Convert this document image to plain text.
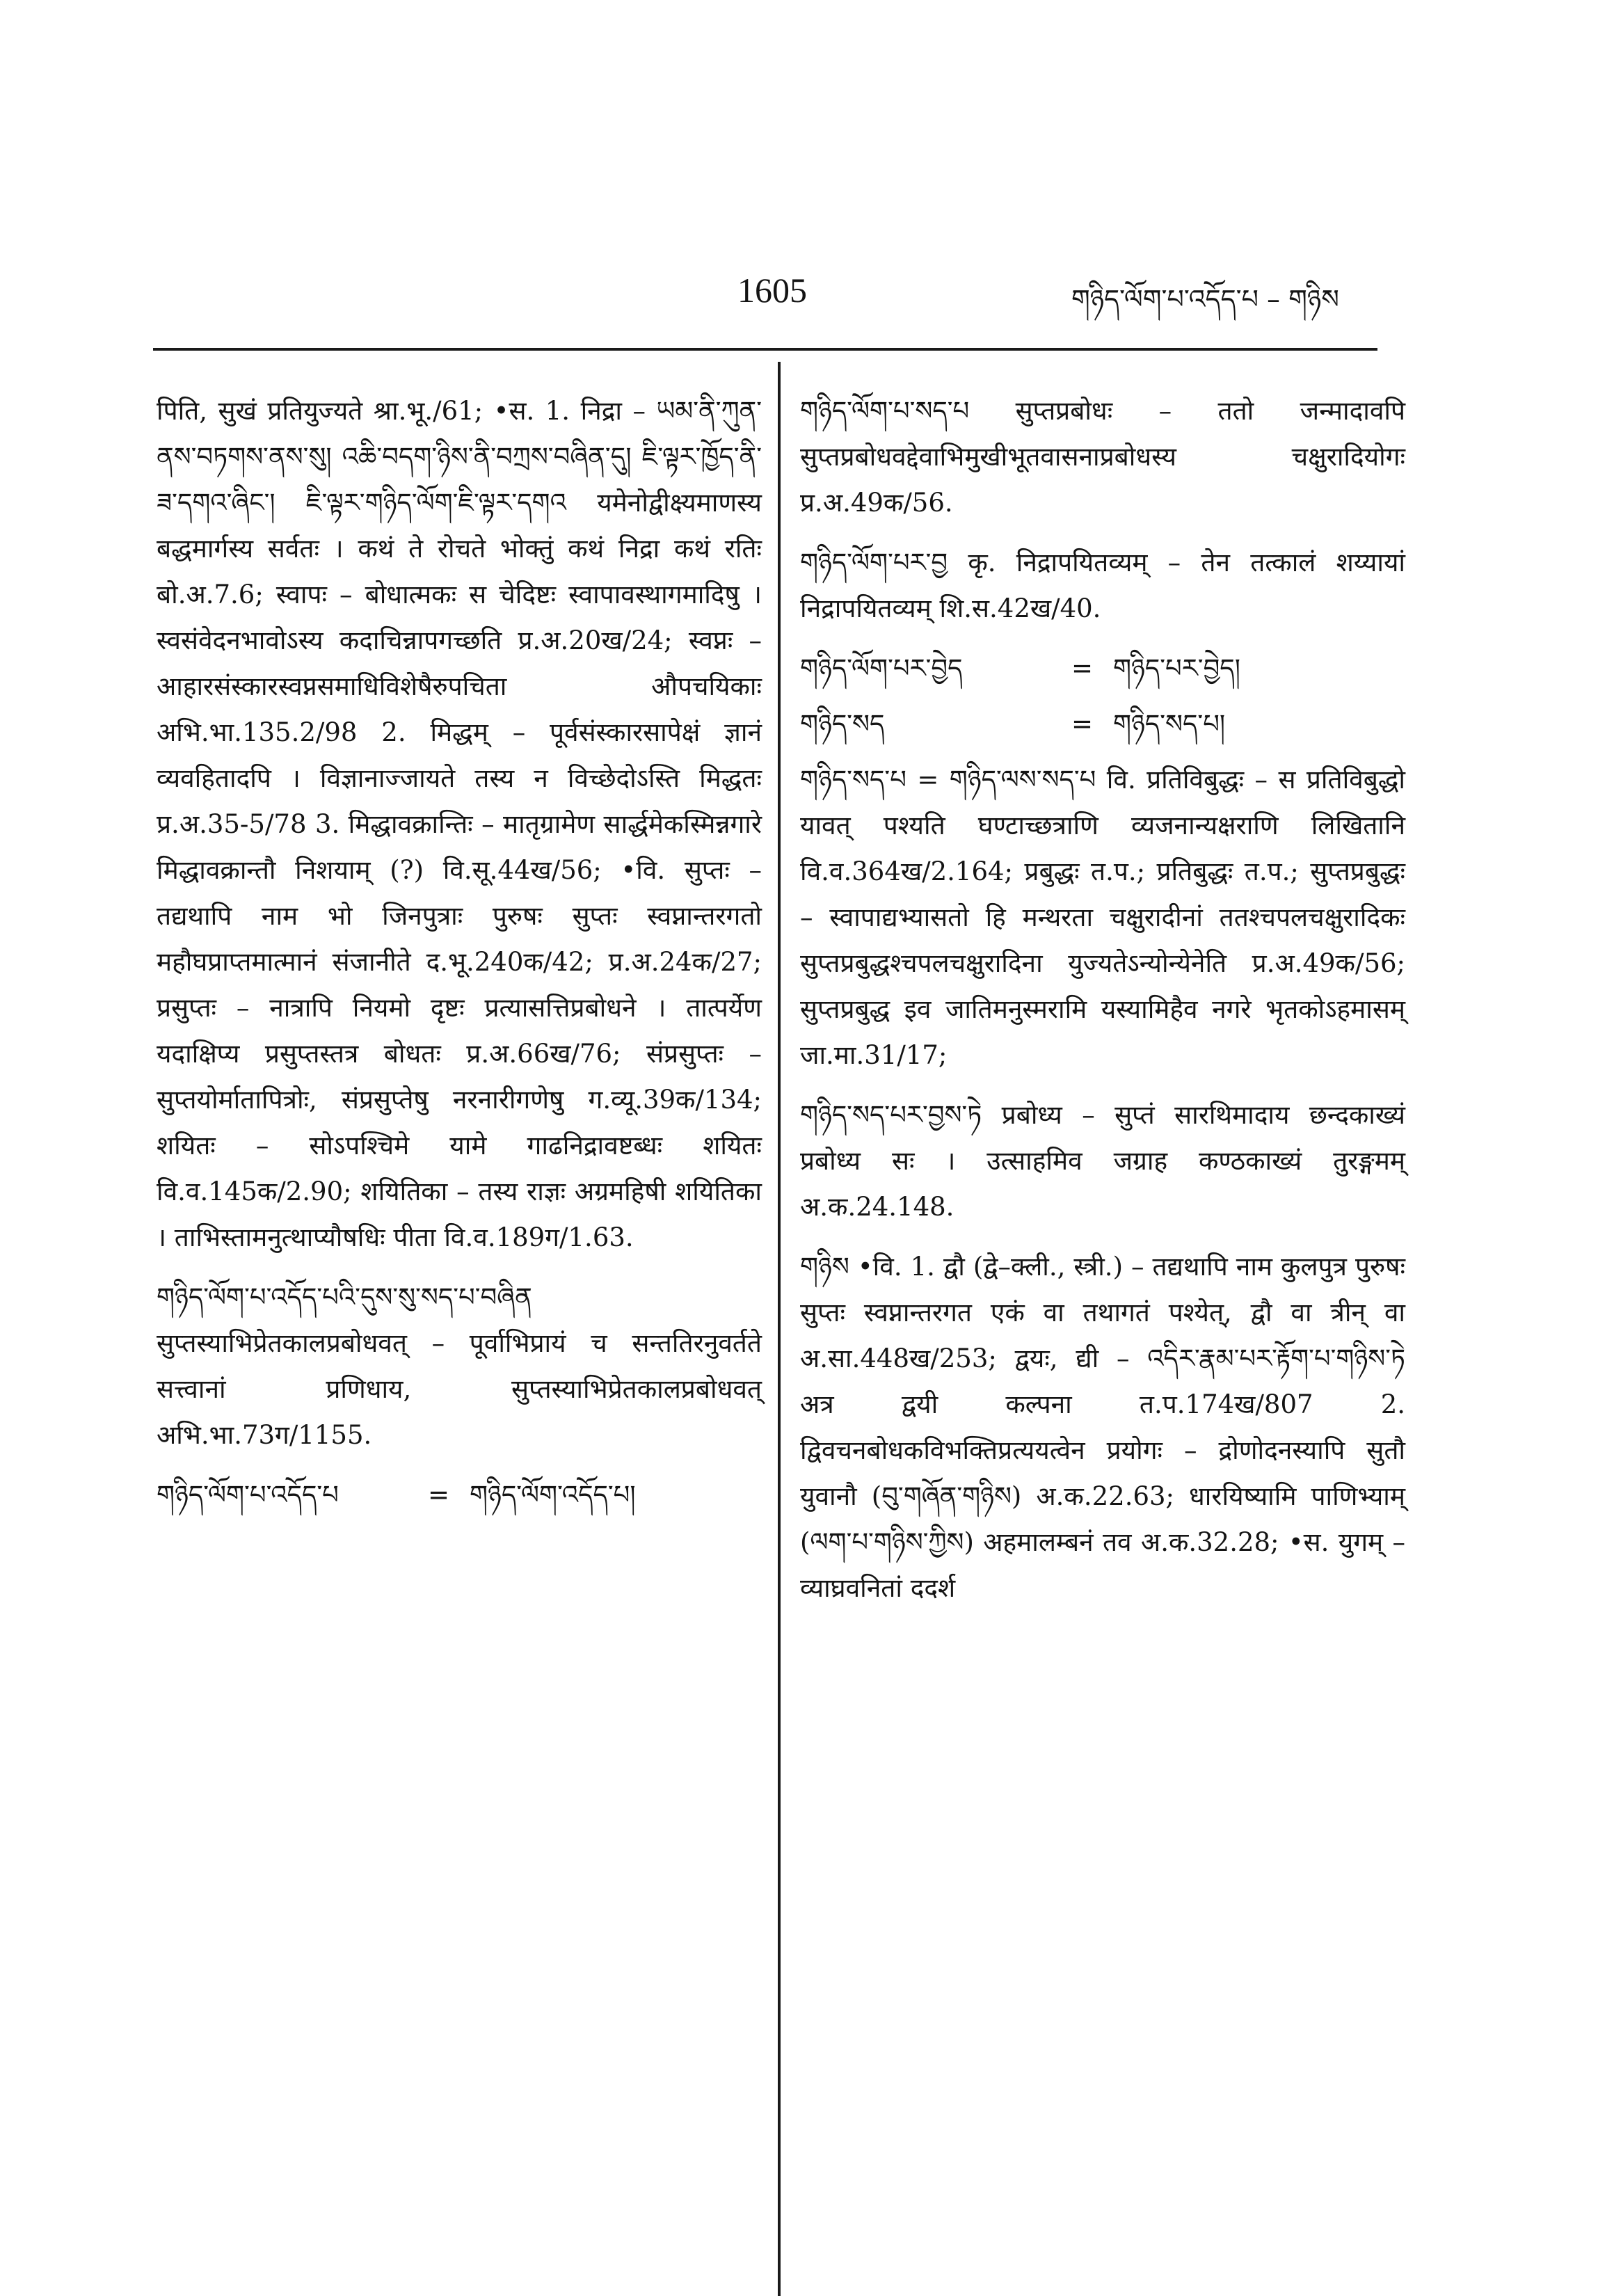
1605	གཉིད་ལོག་པ་འདོད་པ – གཉིས

पिति, सुखं प्रतियुज्यते श्रा.भू./61; •स. 1. निद्रा – ཡམ་ནི་ཀུན་ནས་བཏགས་ནས་སུ། འཆི་བདག་ཉིས་ནི་བཀྲས་བཞིན་དུ། ཇི་ལྟར་ཁྱོད་ནི་ཟ་དགའ་ཞིང་། ཇི་ལྟར་གཉིད་ལོག་ཇི་ལྟར་དགའ यमेनोद्वीक्ष्यमाणस्य बद्धमार्गस्य सर्वतः । कथं ते रोचते भोक्तुं कथं निद्रा कथं रतिः बो.अ.7.6; स्वापः – बोधात्मकः स चेदिष्टः स्वापावस्थागमादिषु । स्वसंवेदनभावोऽस्य कदाचिन्नापगच्छति प्र.अ.20ख/24; स्वप्नः – आहारसंस्कारस्वप्नसमाधिविशेषैरुपचिता औपचयिकाः अभि.भा.135.2/98 2. मिद्धम् – पूर्वसंस्कारसापेक्षं ज्ञानं व्यवहितादपि । विज्ञानाज्जायते तस्य न विच्छेदोऽस्ति मिद्धतः प्र.अ.35-5/78 3. मिद्धावक्रान्तिः – मातृग्रामेण सार्द्धमेकस्मिन्नगारे मिद्धावक्रान्तौ निशयाम् (?) वि.सू.44ख/56; •वि. सुप्तः – तद्यथापि नाम भो जिनपुत्राः पुरुषः सुप्तः स्वप्नान्तरगतो महौघप्राप्तमात्मानं संजानीते द.भू.240क/42; प्र.अ.24क/27; प्रसुप्तः – नात्रापि नियमो दृष्टः प्रत्यासत्तिप्रबोधने । तात्पर्येण यदाक्षिप्य प्रसुप्तस्तत्र बोधतः प्र.अ.66ख/76; संप्रसुप्तः – सुप्तयोर्मातापित्रोः, संप्रसुप्तेषु नरनारीगणेषु ग.व्यू.39क/134; शयितः – सोऽपश्चिमे यामे गाढनिद्रावष्टब्धः शयितः वि.व.145क/2.90; शयितिका – तस्य राज्ञः अग्रमहिषी शयितिका । ताभिस्तामनुत्थाप्यौषधिः पीता वि.व.189ग/1.63.

གཉིད་ལོག་པ་འདོད་པའི་དུས་སུ་སད་པ་བཞིན
सुप्तस्याभिप्रेतकालप्रबोधवत् – पूर्वाभिप्रायं च सन्ततिरनुवर्तते सत्त्वानां प्रणिधाय, सुप्तस्याभिप्रेतकालप्रबोधवत् अभि.भा.73ग/1155.

གཉིད་ལོག་པ་འདོད་པ	= གཉིད་ལོག་འདོད་པ།

གཉིད་ལོག་པ་སད་པ सुप्तप्रबोधः – ततो जन्मादावपि सुप्तप्रबोधवद्देवाभिमुखीभूतवासनाप्रबोधस्य चक्षुरादियोगः प्र.अ.49क/56.

གཉིད་ལོག་པར་བྱ कृ. निद्रापयितव्यम् – तेन तत्कालं शय्यायां निद्रापयितव्यम् शि.स.42ख/40.

གཉིད་ལོག་པར་བྱེད	= གཉིད་པར་བྱེད།
གཉིད་སད	= གཉིད་སད་པ།

གཉིད་སད་པ = གཉིད་ལས་སད་པ वि. प्रतिविबुद्धः – स प्रतिविबुद्धो यावत् पश्यति घण्टाच्छत्राणि व्यजनान्यक्षराणि लिखितानि वि.व.364ख/2.164; प्रबुद्धः त.प.; प्रतिबुद्धः त.प.; सुप्तप्रबुद्धः – स्वापाद्यभ्यासतो हि मन्थरता चक्षुरादीनां ततश्चपलचक्षुरादिकः सुप्तप्रबुद्धश्चपलचक्षुरादिना युज्यतेऽन्योन्येनेति प्र.अ.49क/56; सुप्तप्रबुद्ध इव जातिमनुस्मरामि यस्यामिहैव नगरे भृतकोऽहमासम् जा.मा.31/17;

གཉིད་སད་པར་བྱས་ཏེ प्रबोध्य – सुप्तं सारथिमादाय छन्दकाख्यं प्रबोध्य सः । उत्साहमिव जग्राह कण्ठकाख्यं तुरङ्गमम् अ.क.24.148.

གཉིས •वि. 1. द्वौ (द्वे–क्ली., स्त्री.) – तद्यथापि नाम कुलपुत्र पुरुषः सुप्तः स्वप्नान्तरगत एकं वा तथागतं पश्येत्, द्वौ वा त्रीन् वा अ.सा.448ख/253; द्वयः, द्यी – འདིར་རྣམ་པར་རྟོག་པ་གཉིས་ཏེ अत्र द्वयी कल्पना त.प.174ख/807 2. द्विवचनबोधकविभक्तिप्रत्ययत्वेन प्रयोगः – द्रोणोदनस्यापि सुतौ युवानौ (བུ་གཞོན་གཉིས) अ.क.22.63; धारयिष्यामि पाणिभ्याम् (ལག་པ་གཉིས་ཀྱིས) अहमालम्बनं तव अ.क.32.28; •स. युगम् – व्याघ्रवनितां ददर्श
